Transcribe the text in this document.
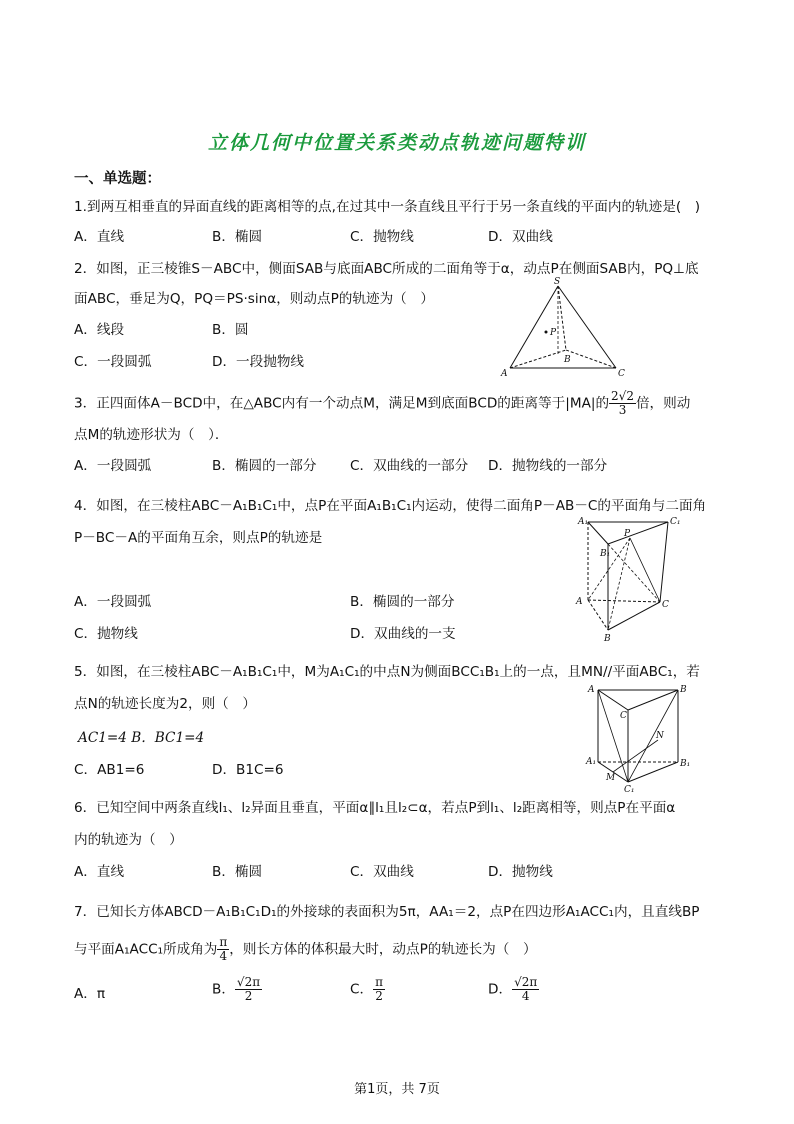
立体几何中位置关系类动点轨迹问题特训
一、单选题：
1.到两互相垂直的异面直线的距离相等的点,在过其中一条直线且平行于另一条直线的平面内的轨迹是(　)
A．直线	B．椭圆	C．抛物线	D．双曲线
2．如图，正三棱锥S－ABC中，侧面SAB与底面ABC所成的二面角等于α，动点P在侧面SAB内，PQ⊥底
面ABC，垂足为Q，PQ＝PS·sinα，则动点P的轨迹为（　）
A．线段	B．圆
C．一段圆弧	D．一段抛物线
S
P
B
A	C
3．正四面体A－BCD中，在△ABC内有一个动点M，满足M到底面BCD的距离等于|MA|的 $\frac{2√2}{3}$ 倍，则动
点M的轨迹形状为（　）．
A．一段圆弧	B．椭圆的一部分 C．双曲线的一部分 D．抛物线的一部分
4．如图，在三棱柱ABC－A₁B₁C₁中，点P在平面A₁B₁C₁内运动，使得二面角P－AB－C的平面角与二面角
P－BC－A的平面角互余，则点P的轨迹是
A．一段圆弧	B．椭圆的一部分
C．抛物线	D．双曲线的一支
A₁	C₁
P
B₁
A	C
B
5．如图，在三棱柱ABC－A₁B₁C₁中，M为A₁C₁的中点N为侧面BCC₁B₁上的一点，且MN//平面ABC₁，若
点N的轨迹长度为2，则（　）
AC1=4 B．BC1=4
C．AB1=6	D．B1C=6
A	B
C
N
A₁	B₁
M
C₁
6．已知空间中两条直线l₁、l₂异面且垂直，平面α∥l₁且l₂⊂α，若点P到l₁、l₂距离相等，则点P在平面α
内的轨迹为（　）
A．直线	B．椭圆	C．双曲线	D．抛物线
7．已知长方体ABCD－A₁B₁C₁D₁的外接球的表面积为5π，AA₁＝2，点P在四边形A₁ACC₁内，且直线BP
与平面A₁ACC₁所成角为 $\frac{\pi}{4}$ ，则长方体的体积最大时，动点P的轨迹长为（　）
A．π	B． $\frac{√2\pi}{2}$	C． $\frac{\pi}{2}$	D． $\frac{√2\pi}{4}$
第1页，共 7页
